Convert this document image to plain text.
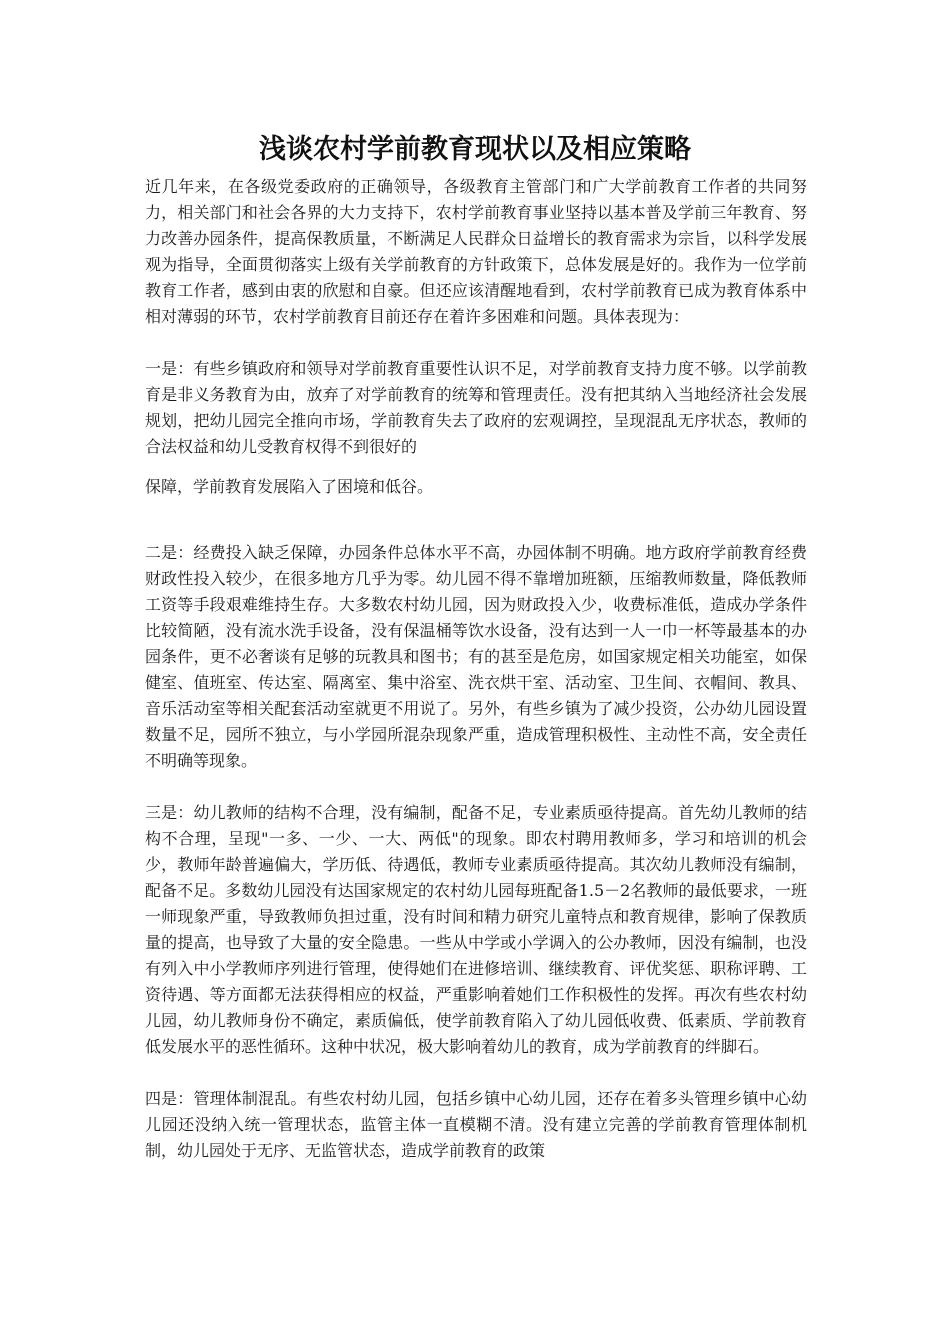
浅谈农村学前教育现状以及相应策略

近几年来，在各级党委政府的正确领导，各级教育主管部门和广大学前教育工作者的共同努力，相关部门和社会各界的大力支持下，农村学前教育事业坚持以基本普及学前三年教育、努力改善办园条件，提高保教质量，不断满足人民群众日益增长的教育需求为宗旨，以科学发展观为指导，全面贯彻落实上级有关学前教育的方针政策下，总体发展是好的。我作为一位学前教育工作者，感到由衷的欣慰和自豪。但还应该清醒地看到，农村学前教育已成为教育体系中相对薄弱的环节，农村学前教育目前还存在着许多困难和问题。具体表现为：

一是：有些乡镇政府和领导对学前教育重要性认识不足，对学前教育支持力度不够。以学前教育是非义务教育为由，放弃了对学前教育的统筹和管理责任。没有把其纳入当地经济社会发展规划，把幼儿园完全推向市场，学前教育失去了政府的宏观调控，呈现混乱无序状态，教师的合法权益和幼儿受教育权得不到很好的
保障，学前教育发展陷入了困境和低谷。

二是：经费投入缺乏保障，办园条件总体水平不高，办园体制不明确。地方政府学前教育经费财政性投入较少，在很多地方几乎为零。幼儿园不得不靠增加班额，压缩教师数量，降低教师工资等手段艰难维持生存。大多数农村幼儿园，因为财政投入少，收费标准低，造成办学条件比较简陋，没有流水洗手设备，没有保温桶等饮水设备，没有达到一人一巾一杯等最基本的办园条件，更不必奢谈有足够的玩教具和图书；有的甚至是危房，如国家规定相关功能室，如保健室、值班室、传达室、隔离室、集中浴室、洗衣烘干室、活动室、卫生间、衣帽间、教具、音乐活动室等相关配套活动室就更不用说了。另外，有些乡镇为了减少投资，公办幼儿园设置数量不足，园所不独立，与小学园所混杂现象严重，造成管理积极性、主动性不高，安全责任不明确等现象。

三是：幼儿教师的结构不合理，没有编制，配备不足，专业素质亟待提高。首先幼儿教师的结构不合理，呈现"一多、一少、一大、两低"的现象。即农村聘用教师多，学习和培训的机会少，教师年龄普遍偏大，学历低、待遇低，教师专业素质亟待提高。其次幼儿教师没有编制，配备不足。多数幼儿园没有达国家规定的农村幼儿园每班配备1.5－2名教师的最低要求，一班一师现象严重，导致教师负担过重，没有时间和精力研究儿童特点和教育规律，影响了保教质量的提高，也导致了大量的安全隐患。一些从中学或小学调入的公办教师，因没有编制，也没有列入中小学教师序列进行管理，使得她们在进修培训、继续教育、评优奖惩、职称评聘、工资待遇、等方面都无法获得相应的权益，严重影响着她们工作积极性的发挥。再次有些农村幼儿园，幼儿教师身份不确定，素质偏低，使学前教育陷入了幼儿园低收费、低素质、学前教育低发展水平的恶性循环。这种中状况，极大影响着幼儿的教育，成为学前教育的绊脚石。

四是：管理体制混乱。有些农村幼儿园，包括乡镇中心幼儿园，还存在着多头管理乡镇中心幼儿园还没纳入统一管理状态，监管主体一直模糊不清。没有建立完善的学前教育管理体制机制，幼儿园处于无序、无监管状态，造成学前教育的政策
